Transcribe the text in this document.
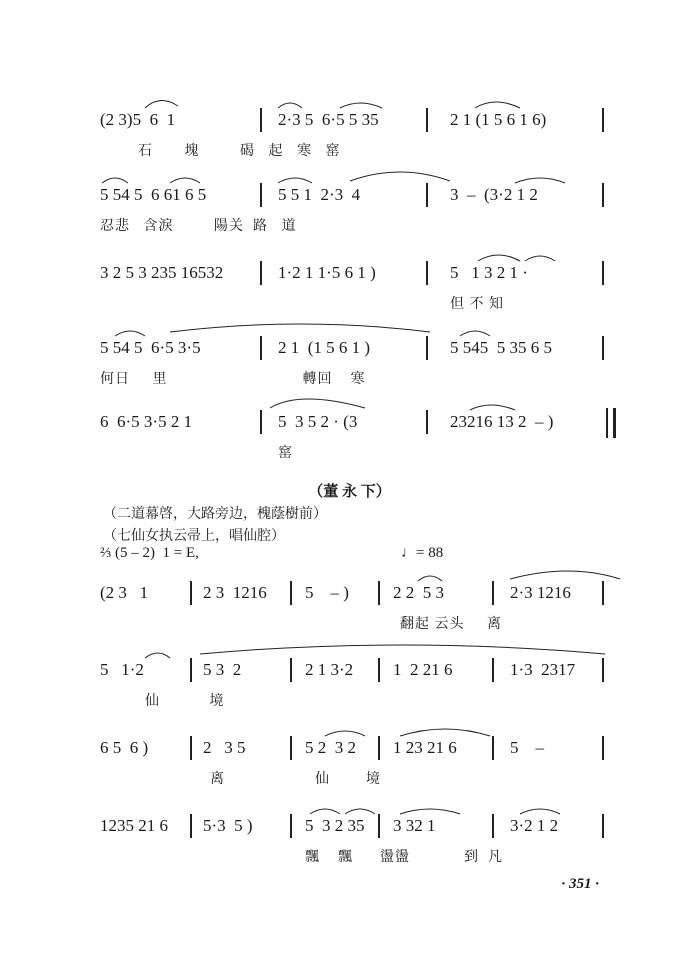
(2 3)5  6  1	2·3 5  6·5 5 35	2 1 (1 5 6 1 6)
石       塊         碣   起   寒   窰
5 54 5  6 61 6 5	5 5 1  2·3  4	3  –  (3·2 1 2
忍悲   含淚         陽关  路   道
3 2 5 3 235 16532	1·2 1 1·5 6 1 )	5   1 3 2 1 ·
但 不 知
5 54 5  6·5 3·5	2 1  (1 5 6 1 )	5 545  5 35 6 5
何日     里                              轉回    寒
6  6·5 3·5 2 1	5  3 5 2 · (3	23216 13 2  – )
窰
（董 永 下）
（二道幕啓，大路旁边，槐蔭樹前）
（七仙女执云帚上，唱仙腔）
⅔ (5 – 2)  1 = E,	♩= 88
(2 3   1	2 3  1216 5    – )	2 2  5 3	2·3 1216
翻起 云头     离
5   1·2	5 3  2	2 1 3·2 1  2 21 6	1·3  2317
仙           境
6 5  6 )	2   3 5	5 2  3 2 1 23 21 6	5    –
离                    仙        境
1235 21 6 5·3  5 )	5  3 2 35 3 32 1	3·2 1 2
飄    飄      盪盪            到  凡
· 351 ·
